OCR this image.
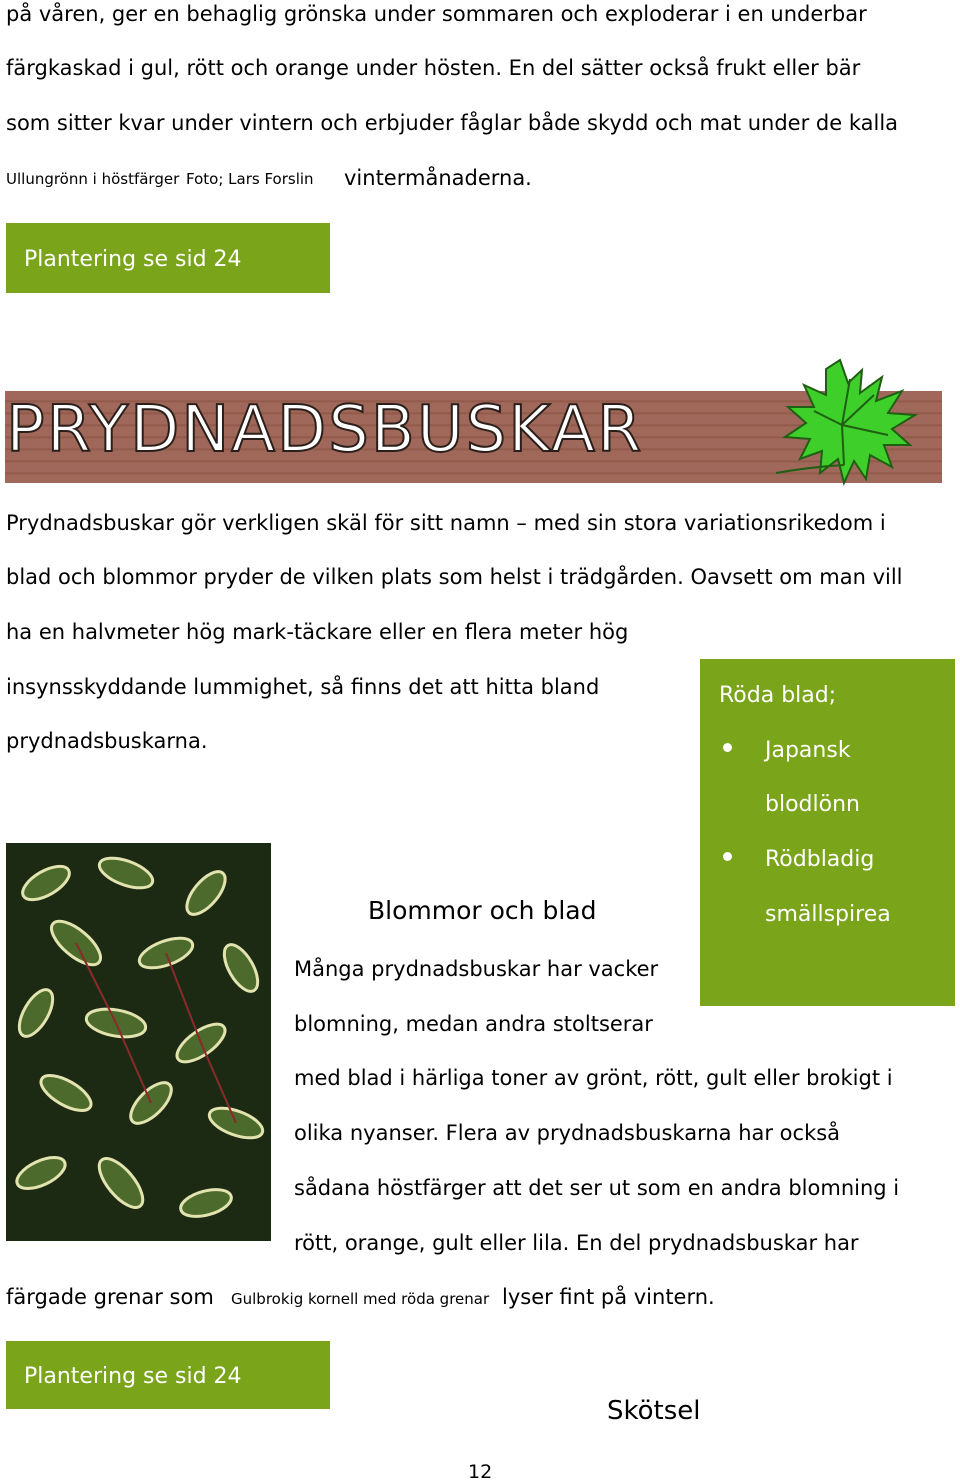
på våren, ger en behaglig grönska under sommaren och exploderar i en underbar
färgkaskad i gul, rött och orange under hösten. En del sätter också frukt eller bär
som sitter kvar under vintern och erbjuder fåglar både skydd och mat under de kalla
Ullungrönn i höstfärger Foto; Lars Forslin vintermånaderna.
Plantering se sid 24
PRYDNADSBUSKAR
Prydnadsbuskar gör verkligen skäl för sitt namn – med sin stora variationsrikedom i
blad och blommor pryder de vilken plats som helst i trädgården. Oavsett om man vill
ha en halvmeter hög mark-täckare eller en flera meter hög
insynsskyddande lummighet, så finns det att hitta bland
prydnadsbuskarna.
Röda blad;
Japansk
blodlönn
Rödbladig
smällspirea
Blommor och blad
Många prydnadsbuskar har vacker
blomning, medan andra stoltserar
med blad i härliga toner av grönt, rött, gult eller brokigt i
olika nyanser. Flera av prydnadsbuskarna har också
sådana höstfärger att det ser ut som en andra blomning i
rött, orange, gult eller lila. En del prydnadsbuskar har
färgade grenar som Gulbrokig kornell med röda grenar lyser fint på vintern.
Plantering se sid 24
Skötsel
12
